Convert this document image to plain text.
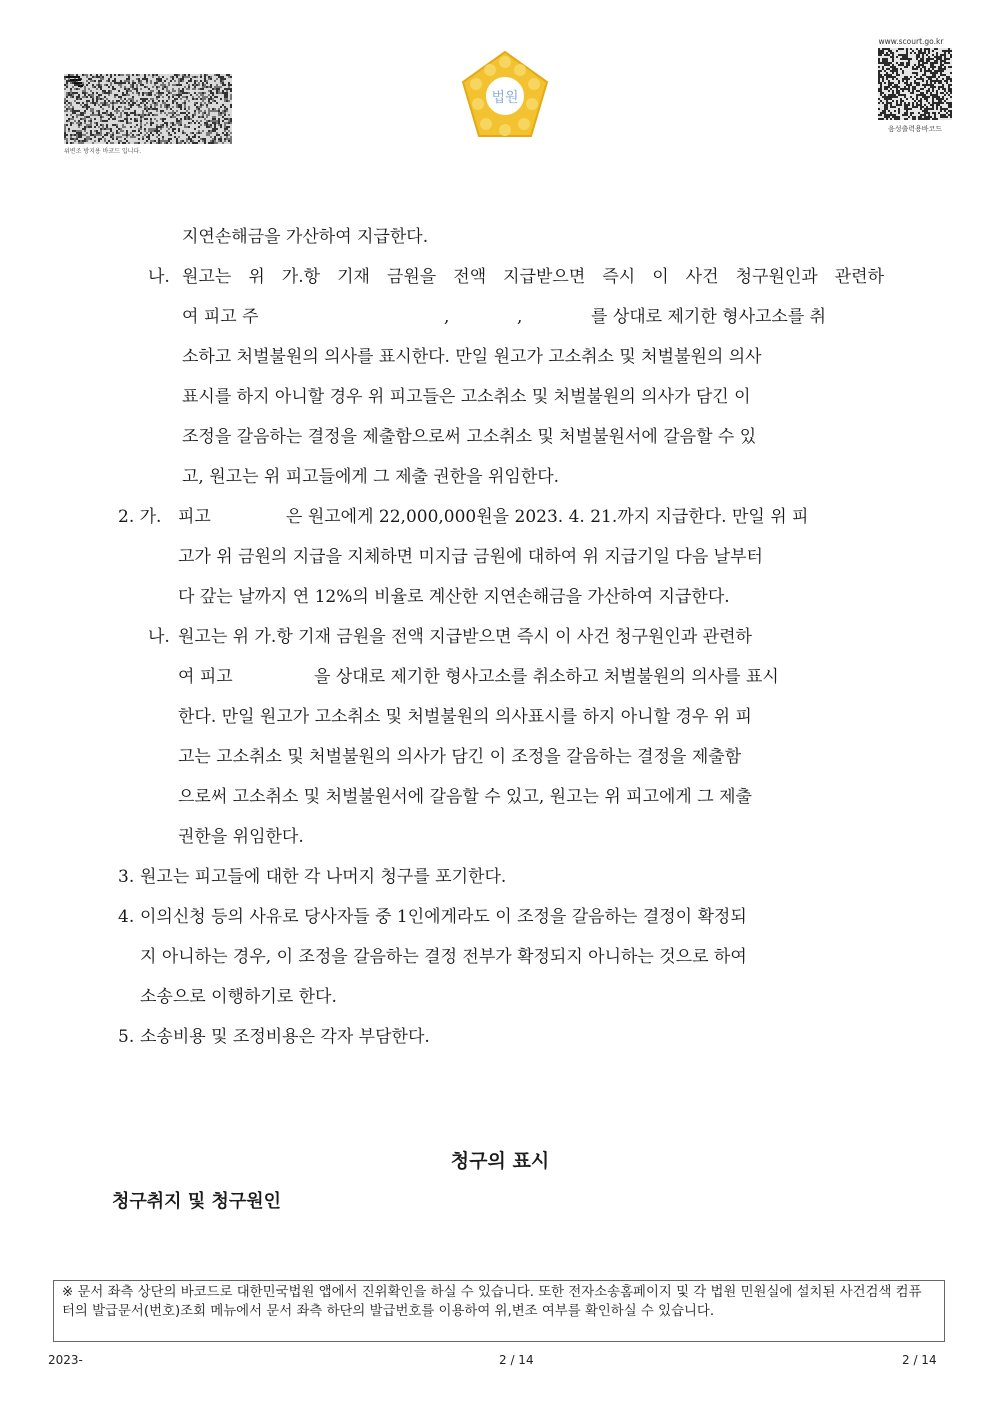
위변조 방지용 바코드 입니다.
법원
www.scourt.go.kr
음성출력용바코드
지연손해금을 가산하여 지급한다.
나. 원고는 위 가.항 기재 금원을 전액 지급받으면 즉시 이 사건 청구원인과 관련하
여 피고 주	,	,	를 상대로 제기한 형사고소를 취
소하고 처벌불원의 의사를 표시한다. 만일 원고가 고소취소 및 처벌불원의 의사
표시를 하지 아니할 경우 위 피고들은 고소취소 및 처벌불원의 의사가 담긴 이
조정을 갈음하는 결정을 제출함으로써 고소취소 및 처벌불원서에 갈음할 수 있
고, 원고는 위 피고들에게 그 제출 권한을 위임한다.
2. 가. 피고	은 원고에게 22,000,000원을 2023. 4. 21.까지 지급한다. 만일 위 피
고가 위 금원의 지급을 지체하면 미지급 금원에 대하여 위 지급기일 다음 날부터
다 갚는 날까지 연 12%의 비율로 계산한 지연손해금을 가산하여 지급한다.
나. 원고는 위 가.항 기재 금원을 전액 지급받으면 즉시 이 사건 청구원인과 관련하
여 피고	을 상대로 제기한 형사고소를 취소하고 처벌불원의 의사를 표시
한다. 만일 원고가 고소취소 및 처벌불원의 의사표시를 하지 아니할 경우 위 피
고는 고소취소 및 처벌불원의 의사가 담긴 이 조정을 갈음하는 결정을 제출함
으로써 고소취소 및 처벌불원서에 갈음할 수 있고, 원고는 위 피고에게 그 제출
권한을 위임한다.
3. 원고는 피고들에 대한 각 나머지 청구를 포기한다.
4. 이의신청 등의 사유로 당사자들 중 1인에게라도 이 조정을 갈음하는 결정이 확정되
지 아니하는 경우, 이 조정을 갈음하는 결정 전부가 확정되지 아니하는 것으로 하여
소송으로 이행하기로 한다.
5. 소송비용 및 조정비용은 각자 부담한다.
청구의 표시
청구취지 및 청구원인
※ 문서 좌측 상단의 바코드로 대한민국법원 앱에서 진위확인을 하실 수 있습니다. 또한 전자소송홈페이지 및 각 법원 민원실에 설치된 사건검색 컴퓨터의 발급문서(번호)조회 메뉴에서 문서 좌측 하단의 발급번호를 이용하여 위,변조 여부를 확인하실 수 있습니다.
2023-	2 / 14	2 / 14
